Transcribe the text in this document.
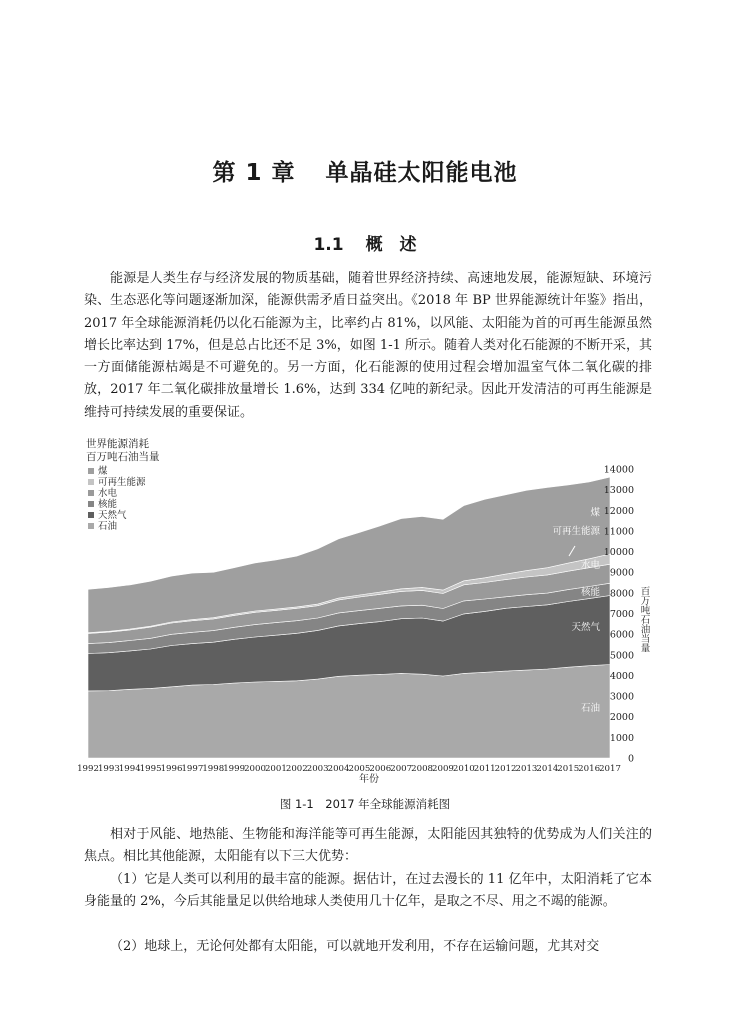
第 1 章 单晶硅太阳能电池
1.1 概　述

能源是人类生存与经济发展的物质基础，随着世界经济持续、高速地发展，能源短缺、环境污染、生态恶化等问题逐渐加深，能源供需矛盾日益突出。《2018 年 BP 世界能源统计年鉴》指出，2017 年全球能源消耗仍以化石能源为主，比率约占 81%，以风能、太阳能为首的可再生能源虽然增长比率达到 17%，但是总占比还不足 3%，如图 1-1 所示。随着人类对化石能源的不断开采，其一方面储能源枯竭是不可避免的。另一方面，化石能源的使用过程会增加温室气体二氧化碳的排放，2017 年二氧化碳排放量增长 1.6%，达到 334 亿吨的新纪录。因此开发清洁的可再生能源是维持可持续发展的重要保证。

世界能源消耗
百万吨石油当量
煤
可再生能源
水电
核能
天然气
石油
0
1000
2000
3000
4000
5000
6000
7000
8000
9000
10000
11000
12000
13000
14000
百万吨石油当量
1992 1993 1994 1995 1996 1997 1998 1999 2000 2001 2002 2003 2004 2005 2006 2007 2008 2009 2010 2011 2012 2013 2014 2015 2016 2017
年份
煤
可再生能源
水电
核能
天然气
石油
图 1-1　2017 年全球能源消耗图

相对于风能、地热能、生物能和海洋能等可再生能源，太阳能因其独特的优势成为人们关注的焦点。相比其他能源，太阳能有以下三大优势：

（1）它是人类可以利用的最丰富的能源。据估计，在过去漫长的 11 亿年中，太阳消耗了它本身能量的 2%，今后其能量足以供给地球人类使用几十亿年，是取之不尽、用之不竭的能源。

（2）地球上，无论何处都有太阳能，可以就地开发利用，不存在运输问题，尤其对交
